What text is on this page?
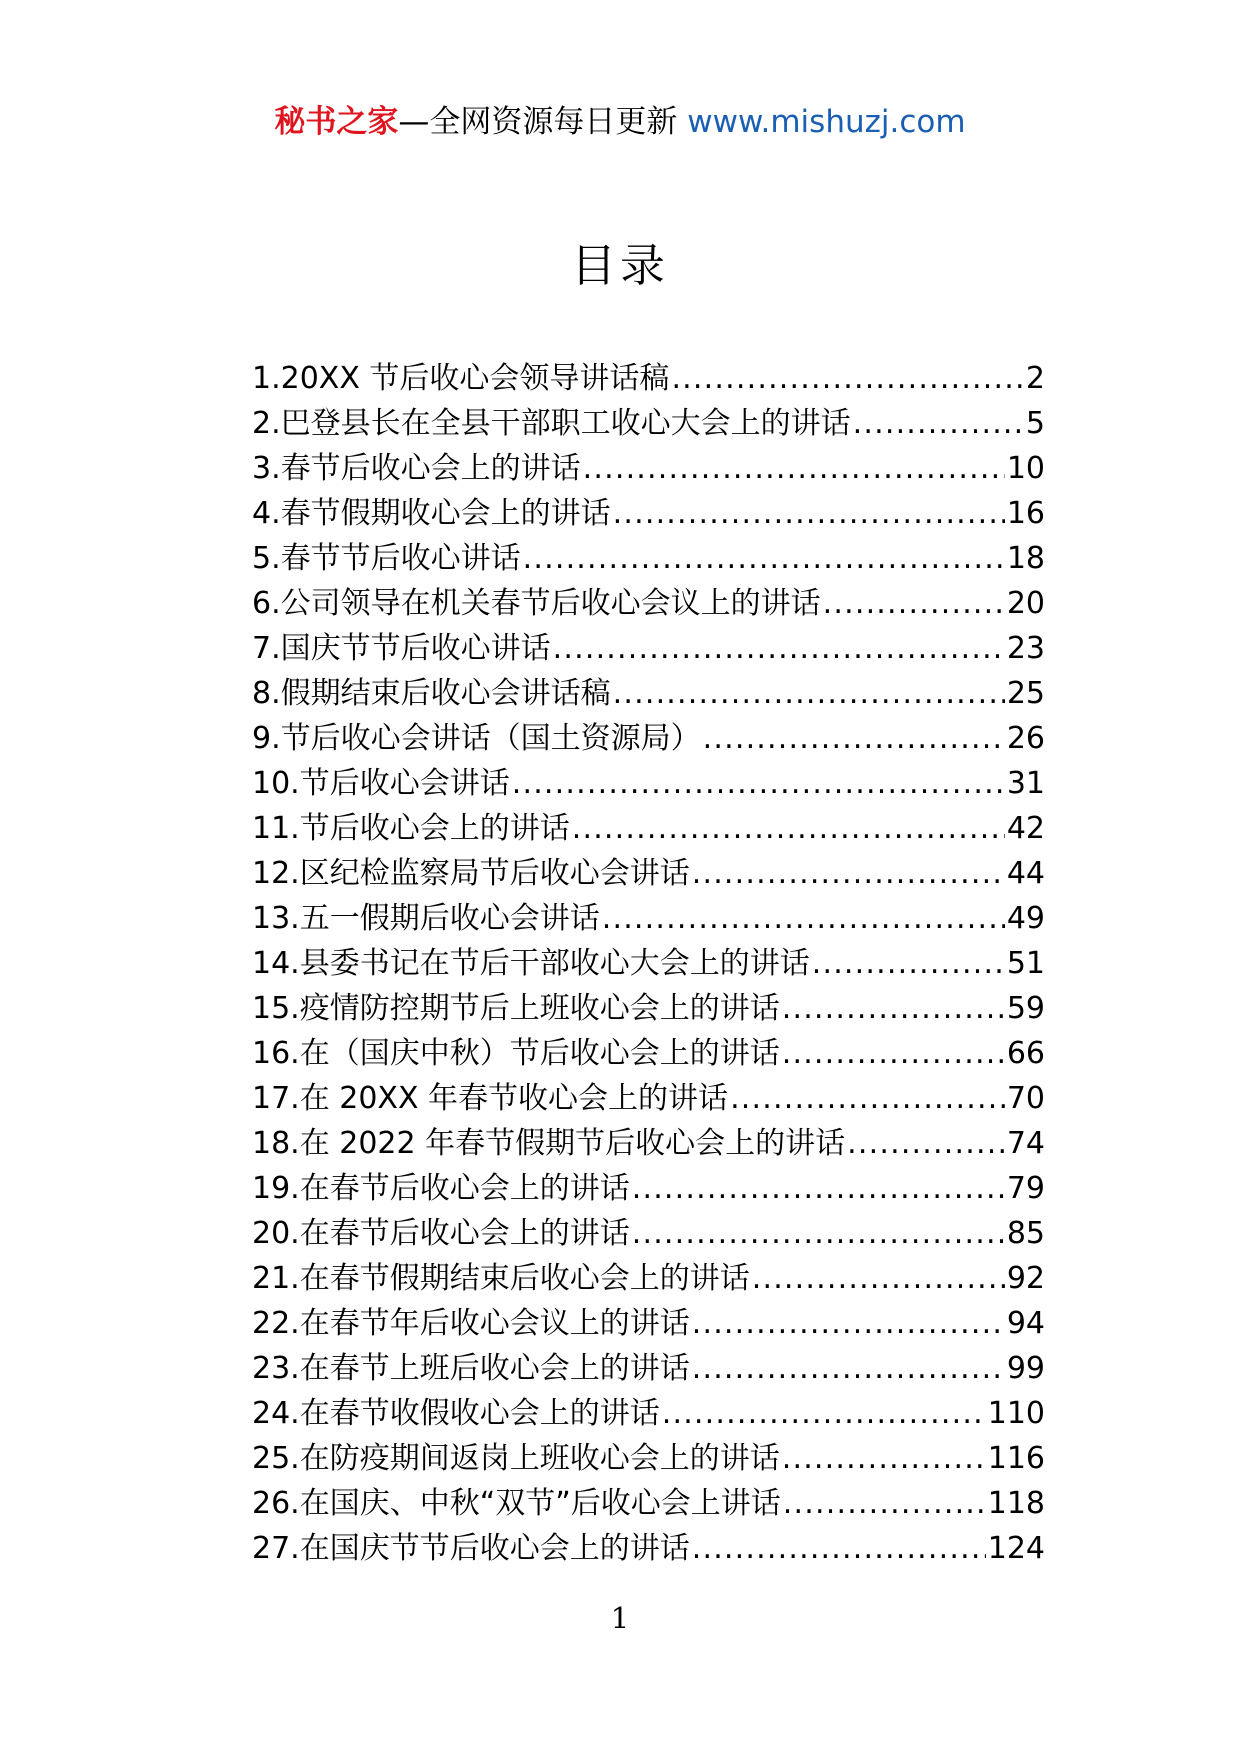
秘书之家—全网资源每日更新 www.mishuzj.com
目录
1.20XX 节后收心会领导讲话稿 .....	2
2.巴登县长在全县干部职工收心大会上的讲话 .....	5
3.春节后收心会上的讲话 .....	10
4.春节假期收心会上的讲话 .....	16
5.春节节后收心讲话 .....	18
6.公司领导在机关春节后收心会议上的讲话 .....	20
7.国庆节节后收心讲话 .....	23
8.假期结束后收心会讲话稿 .....	25
9.节后收心会讲话（国土资源局） .....	26
10.节后收心会讲话 .....	31
11.节后收心会上的讲话 .....	42
12.区纪检监察局节后收心会讲话 .....	44
13.五一假期后收心会讲话 .....	49
14.县委书记在节后干部收心大会上的讲话 .....	51
15.疫情防控期节后上班收心会上的讲话 .....	59
16.在（国庆中秋）节后收心会上的讲话 .....	66
17.在 20XX 年春节收心会上的讲话 .....	70
18.在 2022 年春节假期节后收心会上的讲话 .....	74
19.在春节后收心会上的讲话 .....	79
20.在春节后收心会上的讲话 .....	85
21.在春节假期结束后收心会上的讲话 .....	92
22.在春节年后收心会议上的讲话 .....	94
23.在春节上班后收心会上的讲话 .....	99
24.在春节收假收心会上的讲话 .....	110
25.在防疫期间返岗上班收心会上的讲话 .....	116
26.在国庆、中秋“双节”后收心会上讲话 .....	118
27.在国庆节节后收心会上的讲话 .....	124
1
